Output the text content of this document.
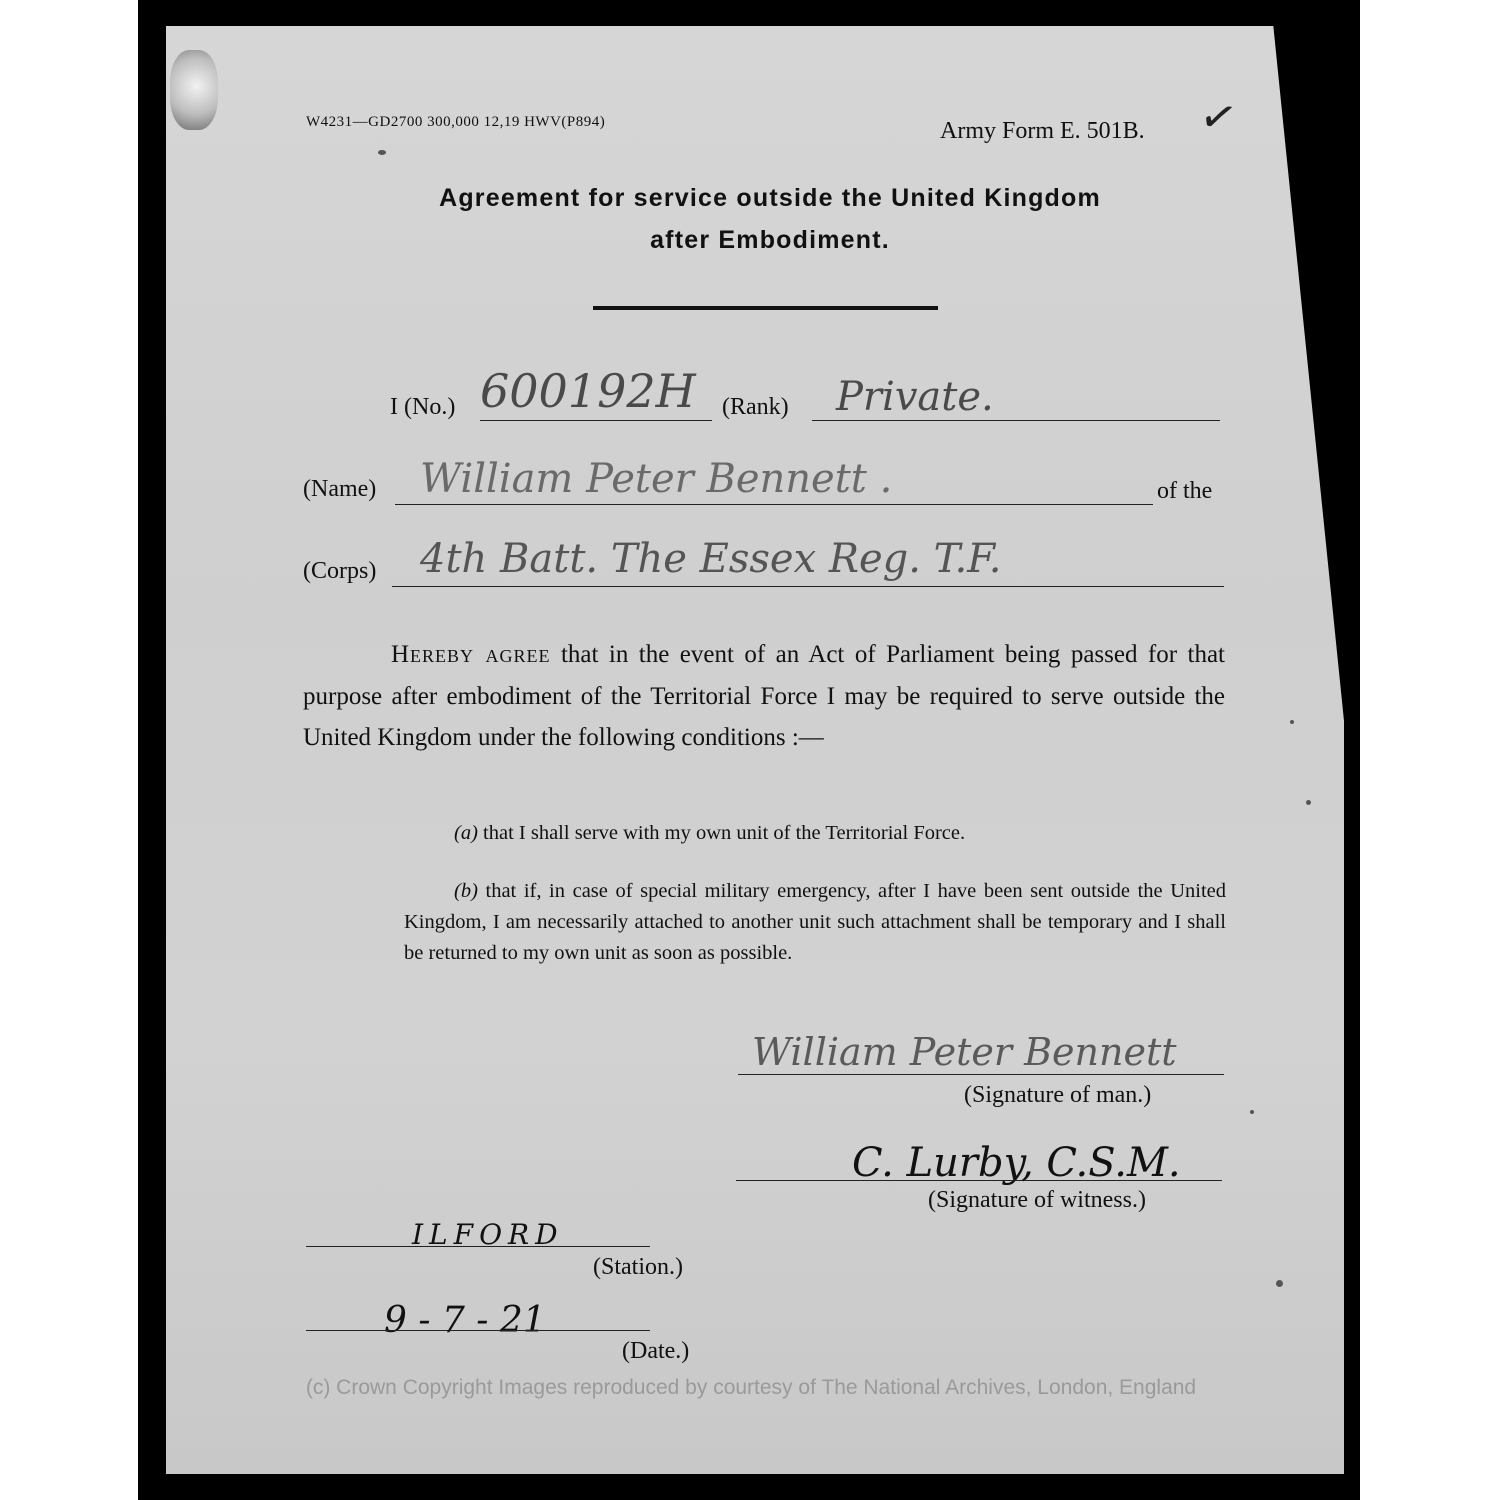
W4231—GD2700 300,000 12,19 HWV(P894)	Army Form E. 501B. ✓
Agreement for service outside the United Kingdom
after Embodiment.
I (No.) 600192H (Rank) Private.
(Name) William Peter Bennett .	of the
(Corps) 4th Batt. The Essex Reg. T.F.
Hereby agree that in the event of an Act of Parliament being passed for that purpose after embodiment of the Territorial Force I may be required to serve outside the United Kingdom under the following conditions :—
(a) that I shall serve with my own unit of the Territorial Force.
(b) that if, in case of special military emergency, after I have been sent outside the United Kingdom, I am necessarily attached to another unit such attachment shall be temporary and I shall be returned to my own unit as soon as possible.
William Peter Bennett
(Signature of man.)
C. Lurby, C.S.M.
(Signature of witness.)
ILFORD
(Station.)
9 - 7 - 21
(Date.)
(c) Crown Copyright Images reproduced by courtesy of The National Archives, London, England
